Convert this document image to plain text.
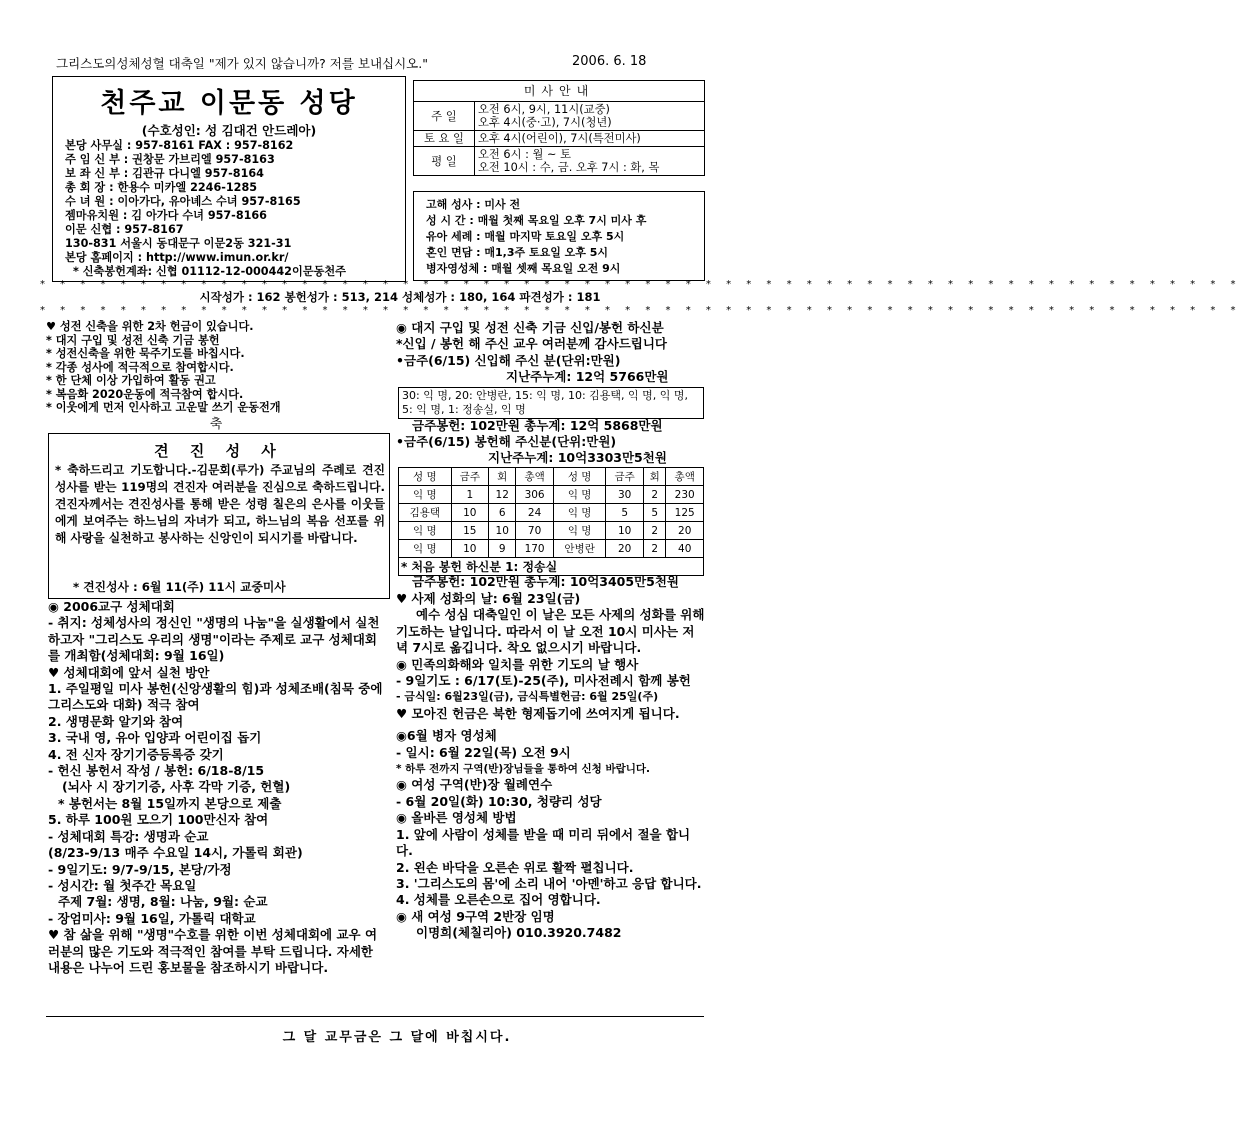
그리스도의성체성혈 대축일 "제가 있지 않습니까? 저를 보내십시오."	2006. 6. 18
천주교 이문동 성당
(수호성인: 성 김대건 안드레아)
본당 사무실 : 957-8161 FAX : 957-8162
주 임 신 부 : 권창문 가브리엘 957-8163
보 좌 신 부 : 김관규 다니엘 957-8164
총 회 장 : 한용수 미카엘 2246-1285
수 녀 원 : 이아가다, 유아녜스 수녀 957-8165
젬마유치원 : 김 아가다 수녀 957-8166
이문 신협 : 957-8167
130-831 서울시 동대문구 이문2동 321-31
본당 홈페이지 : http://www.imun.or.kr/
* 신축봉헌계좌: 신협 01112-12-000442이문동천주
미사안내
주 일	오전 6시, 9시, 11시(교중)
오후 4시(중·고), 7시(청년)

토 요 일	오후 4시(어린이), 7시(특전미사)
평 일	오전 6시 : 월 ~ 토
오전 10시 : 수, 금. 오후 7시 : 화, 목
고해 성사 : 미사 전
성 시 간 : 매월 첫째 목요일 오후 7시 미사 후
유아 세례 : 매월 마지막 토요일 오후 5시
혼인 면담 : 매1,3주 토요일 오후 5시
병자영성체 : 매월 셋째 목요일 오전 9시
시작성가 : 162 봉헌성가 : 513, 214 성체성가 : 180, 164 파견성가 : 181
* * * * * * * * * * * * * * * * * * * * * * * * * * * * * * * * * * * * * * * * * * * * * * * * * * * * * * * * * * * *
* * * * * * * * * * * * * * * * * * * * * * * * * * * * * * * * * * * * * * * * * * * * * * * * * * * * * * * * * * * *
♥ 성전 신축을 위한 2차 헌금이 있습니다.
* 대지 구입 및 성전 신축 기금 봉헌
* 성전신축을 위한 묵주기도를 바칩시다.
* 각종 성사에 적극적으로 참여합시다.
* 한 단체 이상 가입하여 활동 권고
* 복음화 2020운동에 적극참여 합시다.
* 이웃에게 먼저 인사하고 고운말 쓰기 운동전개
축
견 진 성 사
* 축하드리고 기도합니다.-김문회(루가) 주교님의 주례로 견진 성사를 받는 119명의 견진자 여러분을 진심으로 축하드립니다. 견진자께서는 견진성사를 통해 받은 성령 칠은의 은사를 이웃들에게 보여주는 하느님의 자녀가 되고, 하느님의 복음 선포를 위해 사랑을 실천하고 봉사하는 신앙인이 되시기를 바랍니다.
* 견진성사 : 6월 11(주) 11시 교중미사
◉ 2006교구 성체대회
- 취지: 성체성사의 정신인 "생명의 나눔"을 실생활에서 실천하고자 "그리스도 우리의 생명"이라는 주제로 교구 성체대회를 개최함(성체대회: 9월 16일)
♥ 성체대회에 앞서 실천 방안
1. 주일평일 미사 봉헌(신앙생활의 힘)과 성체조배(침묵 중에 그리스도와 대화) 적극 참여
2. 생명문화 알기와 참여
3. 국내 영, 유아 입양과 어린이집 돕기
4. 전 신자 장기기증등록증 갖기
- 헌신 봉헌서 작성 / 봉헌: 6/18-8/15
(뇌사 시 장기기증, 사후 각막 기증, 헌혈)
* 봉헌서는 8월 15일까지 본당으로 제출
5. 하루 100원 모으기 100만신자 참여
- 성체대회 특강: 생명과 순교
(8/23-9/13 매주 수요일 14시, 가톨릭 회관)
- 9일기도: 9/7-9/15, 본당/가정
- 성시간: 월 첫주간 목요일
주제 7월: 생명, 8월: 나눔, 9월: 순교
- 장엄미사: 9월 16일, 가톨릭 대학교
♥ 참 삶을 위해 "생명"수호를 위한 이번 성체대회에 교우 여러분의 많은 기도와 적극적인 참여를 부탁 드립니다. 자세한 내용은 나누어 드린 홍보물을 참조하시기 바랍니다.
◉ 대지 구입 및 성전 신축 기금 신입/봉헌 하신분
*신입 / 봉헌 해 주신 교우 여러분께 감사드립니다
•금주(6/15) 신입해 주신 분(단위:만원)
지난주누계: 12억 5766만원
30: 익 명, 20: 안병란, 15: 익 명, 10: 김용택, 익 명, 익 명, 5: 익 명, 1: 정송실, 익 명
금주봉헌: 102만원 총누계: 12억 5868만원
•금주(6/15) 봉헌해 주신분(단위:만원)
지난주누계: 10억3303만5천원
성 명	금주	회	총액	성 명	금주	회	총액
익 명	1	12	306	익 명	30	2	230
김용택	10	6	24	익 명	5	5	125
익 명	15	10	70	익 명	10	2	20
익 명	10	9	170	안병란	20	2	40
* 처음 봉헌 하신분 1: 정송실							
금주봉헌: 102만원 총누계: 10억3405만5천원
♥ 사제 성화의 날: 6월 23일(금)
예수 성심 대축일인 이 날은 모든 사제의 성화를 위해 기도하는 날입니다. 따라서 이 날 오전 10시 미사는 저녁 7시로 옮깁니다. 착오 없으시기 바랍니다.
◉ 민족의화해와 일치를 위한 기도의 날 행사
- 9일기도 : 6/17(토)-25(주), 미사전례시 함께 봉헌
- 금식일: 6월23일(금), 금식특별헌금: 6월 25일(주)
♥ 모아진 헌금은 북한 형제돕기에 쓰여지게 됩니다.
◉6월 병자 영성체
- 일시: 6월 22일(목) 오전 9시
* 하루 전까지 구역(반)장님들을 통하여 신청 바랍니다.
◉ 여성 구역(반)장 월례연수
- 6월 20일(화) 10:30, 청량리 성당
◉ 올바른 영성체 방법
1. 앞에 사람이 성체를 받을 때 미리 뒤에서 절을 합니다.
2. 왼손 바닥을 오른손 위로 활짝 펼칩니다.
3. '그리스도의 몸'에 소리 내어 '아멘'하고 응답 합니다.
4. 성체를 오른손으로 집어 영합니다.
◉ 새 여성 9구역 2반장 임명
이명희(체칠리아) 010.3920.7482
그 달 교무금은 그 달에 바칩시다.
